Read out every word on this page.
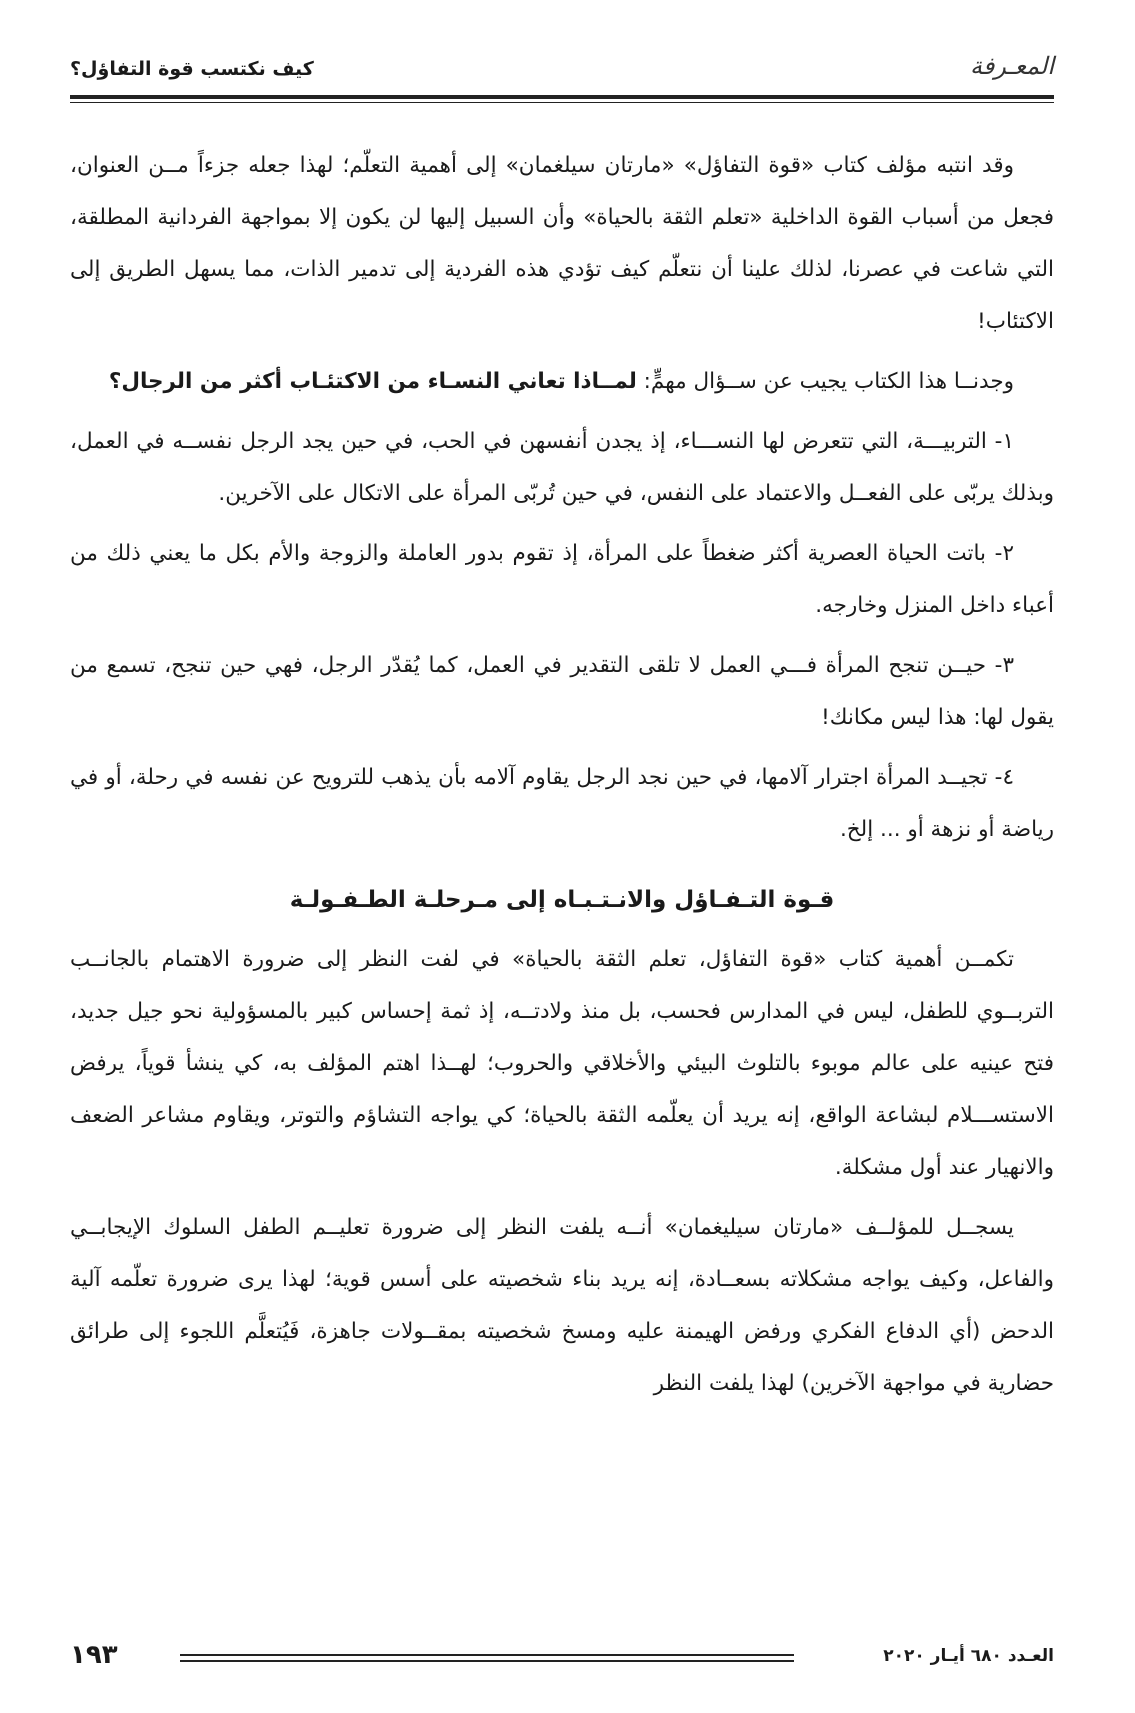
المعـرفة
كيف نكتسب قوة التفاؤل؟

وقد انتبه مؤلف كتاب «قوة التفاؤل» «مارتان سيلغمان» إلى أهمية التعلّم؛ لهذا جعله جزءاً مــن العنوان، فجعل من أسباب القوة الداخلية «تعلم الثقة بالحياة» وأن السبيل إليها لن يكون إلا بمواجهة الفردانية المطلقة، التي شاعت في عصرنا، لذلك علينا أن نتعلّم كيف تؤدي هذه الفردية إلى تدمير الذات، مما يسهل الطريق إلى الاكتئاب!

وجدنــا هذا الكتاب يجيب عن ســؤال مهمٍّ: لمــاذا تعاني النسـاء من الاكتئـاب أكثر من الرجال؟

١- التربيـــة، التي تتعرض لها النســـاء، إذ يجدن أنفسهن في الحب، في حين يجد الرجل نفســه في العمل، وبذلك يربّى على الفعــل والاعتماد على النفس، في حين تُربّى المرأة على الاتكال على الآخرين.

٢- باتت الحياة العصرية أكثر ضغطاً على المرأة، إذ تقوم بدور العاملة والزوجة والأم بكل ما يعني ذلك من أعباء داخل المنزل وخارجه.

٣- حيــن تنجح المرأة فـــي العمل لا تلقى التقدير في العمل، كما يُقدّر الرجل، فهي حين تنجح، تسمع من يقول لها: هذا ليس مكانك!

٤- تجيــد المرأة اجترار آلامها، في حين نجد الرجل يقاوم آلامه بأن يذهب للترويح عن نفسه في رحلة، أو في رياضة أو نزهة أو ... إلخ.

قـوة التـفـاؤل والانـتـبـاه إلى مـرحلـة الطـفـولـة

تكمــن أهمية كتاب «قوة التفاؤل، تعلم الثقة بالحياة» في لفت النظر إلى ضرورة الاهتمام بالجانــب التربــوي للطفل، ليس في المدارس فحسب، بل منذ ولادتــه، إذ ثمة إحساس كبير بالمسؤولية نحو جيل جديد، فتح عينيه على عالم موبوء بالتلوث البيئي والأخلاقي والحروب؛ لهــذا اهتم المؤلف به، كي ينشأ قوياً، يرفض الاستســـلام لبشاعة الواقع، إنه يريد أن يعلّمه الثقة بالحياة؛ كي يواجه التشاؤم والتوتر، ويقاوم مشاعر الضعف والانهيار عند أول مشكلة.

يسجــل للمؤلــف «مارتان سيليغمان» أنــه يلفت النظر إلى ضرورة تعليــم الطفل السلوك الإيجابــي والفاعل، وكيف يواجه مشكلاته بسعــادة، إنه يريد بناء شخصيته على أسس قوية؛ لهذا يرى ضرورة تعلّمه آلية الدحض (أي الدفاع الفكري ورفض الهيمنة عليه ومسخ شخصيته بمقــولات جاهزة، فَيُتعلَّم اللجوء إلى طرائق حضارية في مواجهة الآخرين) لهذا يلفت النظر

العـدد ٦٨٠ أيـار ٢٠٢٠
١٩٣
